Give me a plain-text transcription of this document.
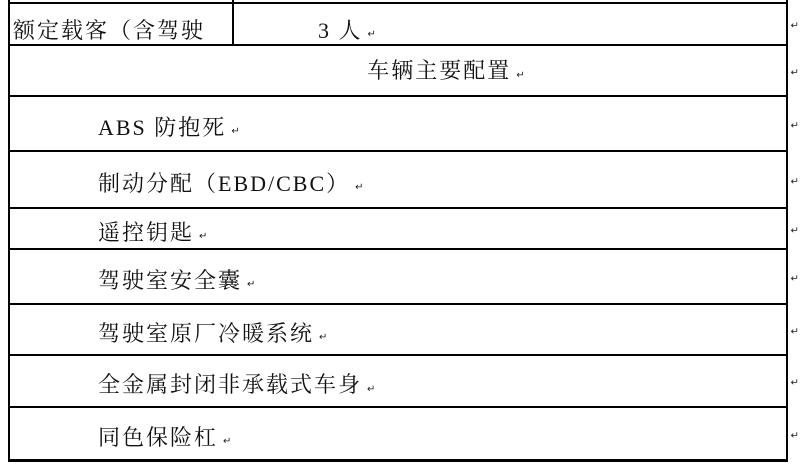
额定载客（含驾驶	3 人 ↵
↵
车辆主要配置 ↵	↵
ABS 防抱死 ↵
↵
制动分配（EBD/CBC） ↵
↵
遥控钥匙 ↵
↵
驾驶室安全囊 ↵
↵
驾驶室原厂冷暖系统 ↵
↵
全金属封闭非承载式车身 ↵
↵
同色保险杠 ↵
↵
